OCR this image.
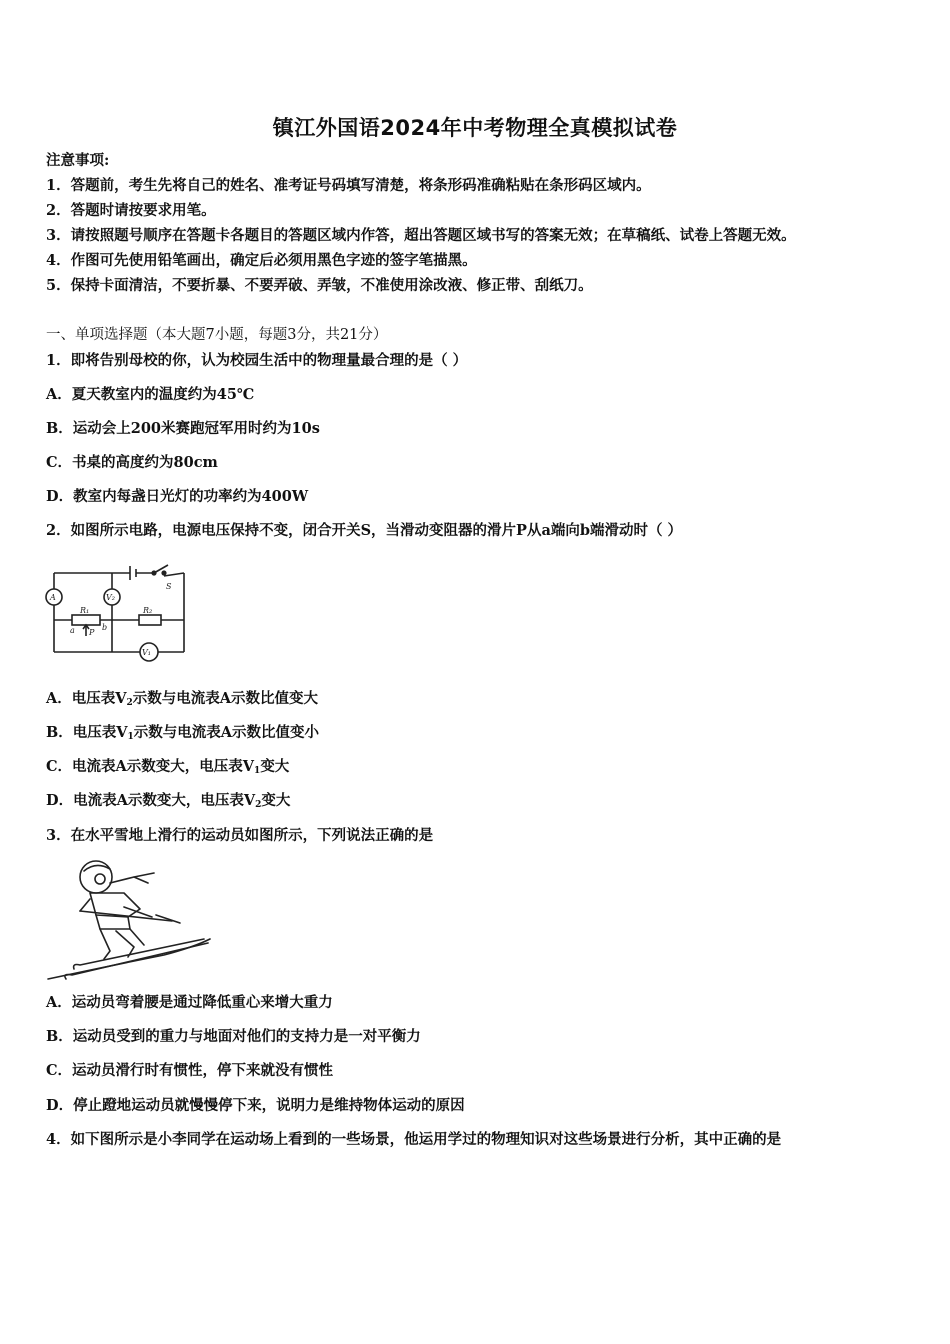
镇江外国语2024年中考物理全真模拟试卷
注意事项:
1．答题前，考生先将自己的姓名、准考证号码填写清楚，将条形码准确粘贴在条形码区域内。
2．答题时请按要求用笔。
3．请按照题号顺序在答题卡各题目的答题区域内作答，超出答题区域书写的答案无效；在草稿纸、试卷上答题无效。
4．作图可先使用铅笔画出，确定后必须用黑色字迹的签字笔描黑。
5．保持卡面清洁，不要折暴、不要弄破、弄皱，不准使用涂改液、修正带、刮纸刀。
一、单项选择题（本大题7小题，每题3分，共21分）
1．即将告别母校的你，认为校园生活中的物理量最合理的是（ ）
A．夏天教室内的温度约为45℃
B．运动会上200米赛跑冠军用时约为10s
C．书桌的高度约为80cm
D．教室内每盏日光灯的功率约为400W
2．如图所示电路，电源电压保持不变，闭合开关S，当滑动变阻器的滑片P从a端向b端滑动时（ ）
A	V₂
V₁
R₁	R₂
S
a	b
P
A．电压表$V_2$示数与电流表A示数比值变大
B．电压表$V_1$示数与电流表A示数比值变小
C．电流表A示数变大，电压表$V_1$变大
D．电流表A示数变大，电压表$V_2$变大
3．在水平雪地上滑行的运动员如图所示，下列说法正确的是
A．运动员弯着腰是通过降低重心来增大重力
B．运动员受到的重力与地面对他们的支持力是一对平衡力
C．运动员滑行时有惯性，停下来就没有惯性
D．停止蹬地运动员就慢慢停下来，说明力是维持物体运动的原因
4．如下图所示是小李同学在运动场上看到的一些场景，他运用学过的物理知识对这些场景进行分析，其中正确的是
